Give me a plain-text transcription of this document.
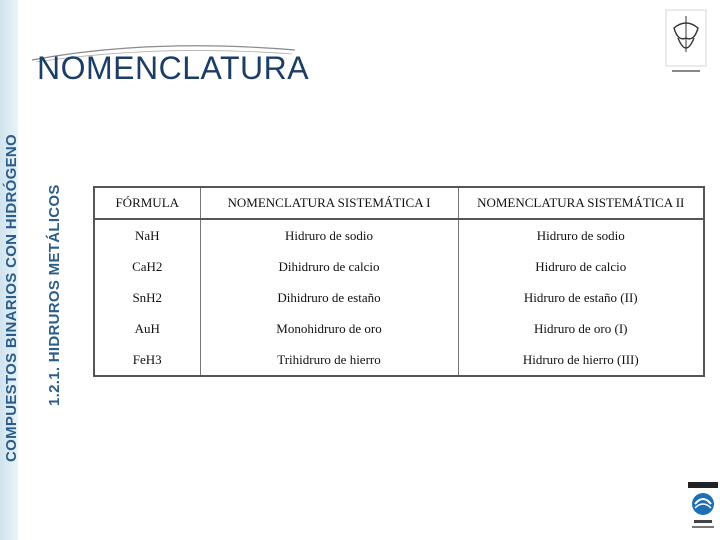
COMPUESTOS BINARIOS CON HIDRÓGENO 1.2.1. HIDRUROS METÁLICOS
NOMENCLATURA
FÓRMULA	NOMENCLATURA SISTEMÁTICA I	NOMENCLATURA SISTEMÁTICA II
NaH	Hidruro de sodio	Hidruro de sodio
CaH2	Dihidruro de calcio	Hidruro de calcio
SnH2	Dihidruro de estaño	Hidruro de estaño (II)
AuH	Monohidruro de oro	Hidruro de oro (I)
FeH3	Trihidruro de hierro	Hidruro de hierro (III)
